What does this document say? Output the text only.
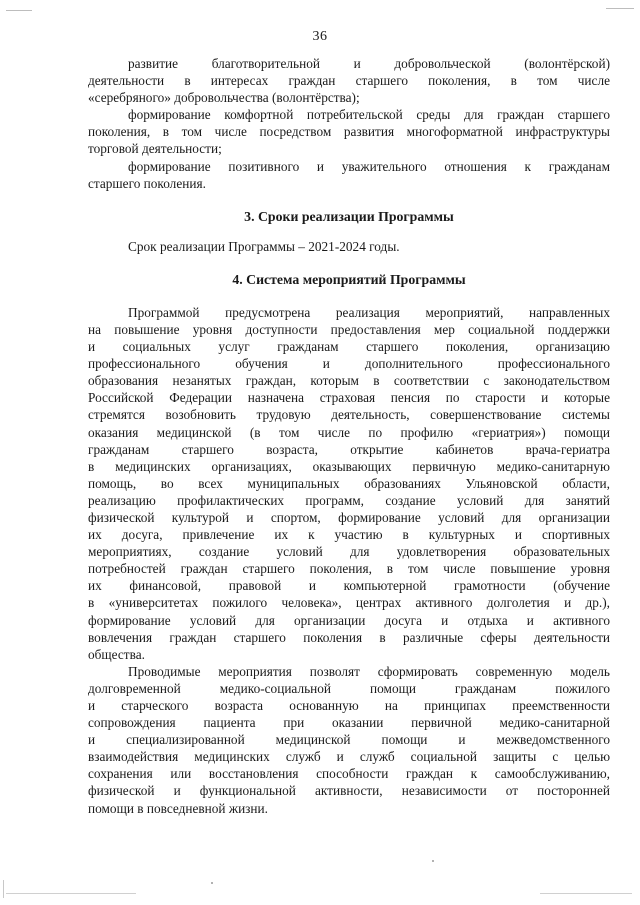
36
развитие благотворительной и добровольческой (волонтёрской)
деятельности в интересах граждан старшего поколения, в том числе
«серебряного» добровольчества (волонтёрства);
формирование комфортной потребительской среды для граждан старшего
поколения, в том числе посредством развития многоформатной инфраструктуры
торговой деятельности;
формирование позитивного и уважительного отношения к гражданам
старшего поколения.
3. Сроки реализации Программы
Срок реализации Программы – 2021-2024 годы.
4. Система мероприятий Программы
Программой предусмотрена реализация мероприятий, направленных
на повышение уровня доступности предоставления мер социальной поддержки
и социальных услуг гражданам старшего поколения, организацию
профессионального обучения и дополнительного профессионального
образования незанятых граждан, которым в соответствии с законодательством
Российской Федерации назначена страховая пенсия по старости и которые
стремятся возобновить трудовую деятельность, совершенствование системы
оказания медицинской (в том числе по профилю «гериатрия») помощи
гражданам старшего возраста, открытие кабинетов врача-гериатра
в медицинских организациях, оказывающих первичную медико-санитарную
помощь, во всех муниципальных образованиях Ульяновской области,
реализацию профилактических программ, создание условий для занятий
физической культурой и спортом, формирование условий для организации
их досуга, привлечение их к участию в культурных и спортивных
мероприятиях, создание условий для удовлетворения образовательных
потребностей граждан старшего поколения, в том числе повышение уровня
их финансовой, правовой и компьютерной грамотности (обучение
в «университетах пожилого человека», центрах активного долголетия и др.),
формирование условий для организации досуга и отдыха и активного
вовлечения граждан старшего поколения в различные сферы деятельности
общества.
Проводимые мероприятия позволят сформировать современную модель
долговременной медико-социальной помощи гражданам пожилого
и старческого возраста основанную на принципах преемственности
сопровождения пациента при оказании первичной медико-санитарной
и специализированной медицинской помощи и межведомственного
взаимодействия медицинских служб и служб социальной защиты с целью
сохранения или восстановления способности граждан к самообслуживанию,
физической и функциональной активности, независимости от посторонней
помощи в повседневной жизни.
